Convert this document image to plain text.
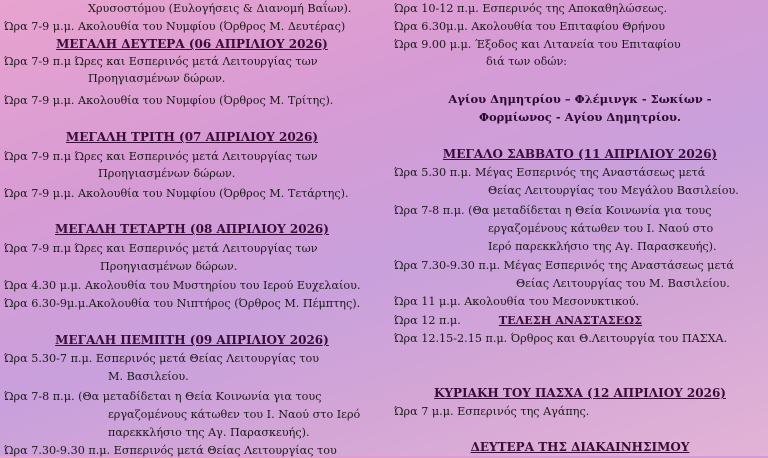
Χρυσοστόμου (Ευλογήσεις & Διανομή Βαΐων).
Ώρα 7-9 μ.μ. Ακολουθία του Νυμφίου (Όρθρος Μ. Δευτέρας)
ΜΕΓΑΛΗ ΔΕΥΤΕΡΑ (06 ΑΠΡΙΛΙΟΥ 2026)
Ώρα 7-9 π.μ Ώρες και Εσπερινός μετά Λειτουργίας των
Προηγιασμένων δώρων.
Ώρα 7-9 μ.μ. Ακολουθία του Νυμφίου (Όρθρος Μ. Τρίτης).
ΜΕΓΑΛΗ ΤΡΙΤΗ (07 ΑΠΡΙΛΙΟΥ 2026)
Ώρα 7-9 π.μ Ώρες και Εσπερινός μετά Λειτουργίας των
Προηγιασμένων δώρων.
Ώρα 7-9 μ.μ. Ακολουθία του Νυμφίου (Όρθρος Μ. Τετάρτης).
ΜΕΓΑΛΗ ΤΕΤΑΡΤΗ (08 ΑΠΡΙΛΙΟΥ 2026)
Ώρα 7-9 π.μ Ώρες και Εσπερινός μετά Λειτουργίας των
Προηγιασμένων δώρων.
Ώρα 4.30 μ.μ. Ακολουθία του Μυστηρίου του Ιερού Ευχελαίου.
Ώρα 6.30-9μ.μ.Ακολουθία του Νιπτήρος (Όρθρος Μ. Πέμπτης).
ΜΕΓΑΛΗ ΠΕΜΠΤΗ (09 ΑΠΡΙΛΙΟΥ 2026)
Ώρα 5.30-7 π.μ. Εσπερινός μετά Θείας Λειτουργίας του
Μ. Βασιλείου.
Ώρα 7-8 π.μ. (Θα μεταδίδεται η Θεία Κοινωνία για τους
εργαζομένους κάτωθεν του Ι. Ναού στο Ιερό
παρεκκλήσιο της Αγ. Παρασκευής).
Ώρα 7.30-9.30 π.μ. Εσπερινός μετά Θείας Λειτουργίας του
Ώρα 10-12 π.μ. Εσπερινός της Αποκαθηλώσεως.
Ώρα 6.30μ.μ. Ακολουθία του Επιταφίου Θρήνου
Ώρα 9.00 μ.μ. Έξοδος και Λιτανεία του Επιταφίου
διά των οδών:
Αγίου Δημητρίου – Φλέμινγκ - Σωκίων -
Φορμίωνος - Αγίου Δημητρίου.
ΜΕΓΑΛΟ ΣΑΒΒΑΤΟ (11 ΑΠΡΙΛΙΟΥ 2026)
Ώρα 5.30 π.μ. Μέγας Εσπερινός της Αναστάσεως μετά
Θείας Λειτουργίας του Μεγάλου Βασιλείου.
Ώρα 7-8 π.μ. (Θα μεταδίδεται η Θεία Κοινωνία για τους
εργαζομένους κάτωθεν του Ι. Ναού στο
Ιερό παρεκκλήσιο της Αγ. Παρασκευής).
Ώρα 7.30-9.30 π.μ. Μέγας Εσπερινός της Αναστάσεως μετά
Θείας Λειτουργίας του Μ. Βασιλείου.
Ώρα 11 μ.μ. Ακολουθία του Μεσονυκτικού.
Ώρα 12 π.μ.	ΤΕΛΕΣΗ ΑΝΑΣΤΑΣΕΩΣ
Ώρα 12.15-2.15 π.μ. Όρθρος και Θ.Λειτουργία του ΠΑΣΧΑ.
ΚΥΡΙΑΚΗ ΤΟΥ ΠΑΣΧΑ (12 ΑΠΡΙΛΙΟΥ 2026)
Ώρα 7 μ.μ. Εσπερινός της Αγάπης.
ΔΕΥΤΕΡΑ ΤΗΣ ΔΙΑΚΑΙΝΗΣΙΜΟΥ
